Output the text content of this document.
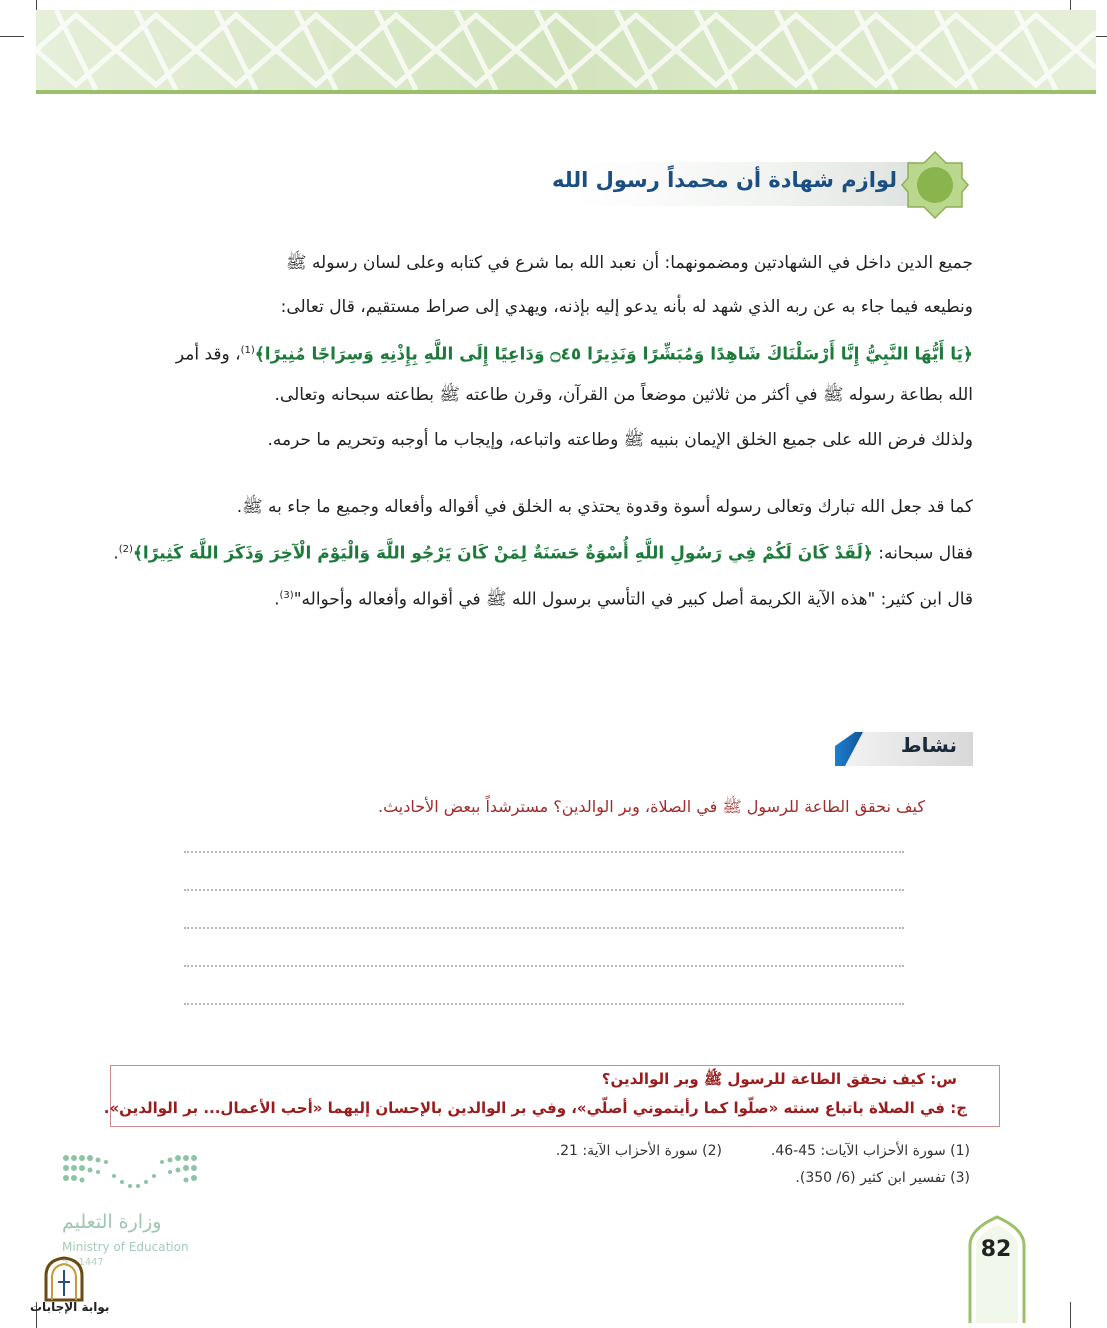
لوازم شهادة أن محمداً رسول الله
جميع الدين داخل في الشهادتين ومضمونهما: أن نعبد الله بما شرع في كتابه وعلى لسان رسوله ﷺ
ونطيعه فيما جاء به عن ربه الذي شهد له بأنه يدعو إليه بإذنه، ويهدي إلى صراط مستقيم، قال تعالى:
﴿يَا أَيُّهَا النَّبِيُّ إِنَّا أَرْسَلْنَاكَ شَاهِدًا وَمُبَشِّرًا وَنَذِيرًا ۝٤٥ وَدَاعِيًا إِلَى اللَّهِ بِإِذْنِهِ وَسِرَاجًا مُنِيرًا﴾$^{(1)}$، وقد أمر
الله بطاعة رسوله ﷺ في أكثر من ثلاثين موضعاً من القرآن، وقرن طاعته ﷺ بطاعته سبحانه وتعالى.
ولذلك فرض الله على جميع الخلق الإيمان بنبيه ﷺ وطاعته واتباعه، وإيجاب ما أوجبه وتحريم ما حرمه.
كما قد جعل الله تبارك وتعالى رسوله أسوة وقدوة يحتذي به الخلق في أقواله وأفعاله وجميع ما جاء به ﷺ.
فقال سبحانه: ﴿لَقَدْ كَانَ لَكُمْ فِي رَسُولِ اللَّهِ أُسْوَةٌ حَسَنَةٌ لِمَنْ كَانَ يَرْجُو اللَّهَ وَالْيَوْمَ الْآخِرَ وَذَكَرَ اللَّهَ كَثِيرًا﴾$^{(2)}$.
قال ابن كثير: "هذه الآية الكريمة أصل كبير في التأسي برسول الله ﷺ في أقواله وأفعاله وأحواله"$^{(3)}$.
نشاط
كيف نحقق الطاعة للرسول ﷺ في الصلاة، وبر الوالدين؟ مسترشداً ببعض الأحاديث.
س: كيف نحقق الطاعة للرسول ﷺ وبر الوالدين؟
ج: في الصلاة باتباع سنته «صلّوا كما رأيتموني أصلّي»، وفي بر الوالدين بالإحسان إليهما «أحب الأعمال... بر الوالدين».
(1) سورة الأحزاب الآيات: 45-46.
(2) سورة الأحزاب الآية: 21.
(3) تفسير ابن كثير (6/ 350).
82
وزارة التعليم
Ministry of Education
5 - 1447
بوابة الإجابات
